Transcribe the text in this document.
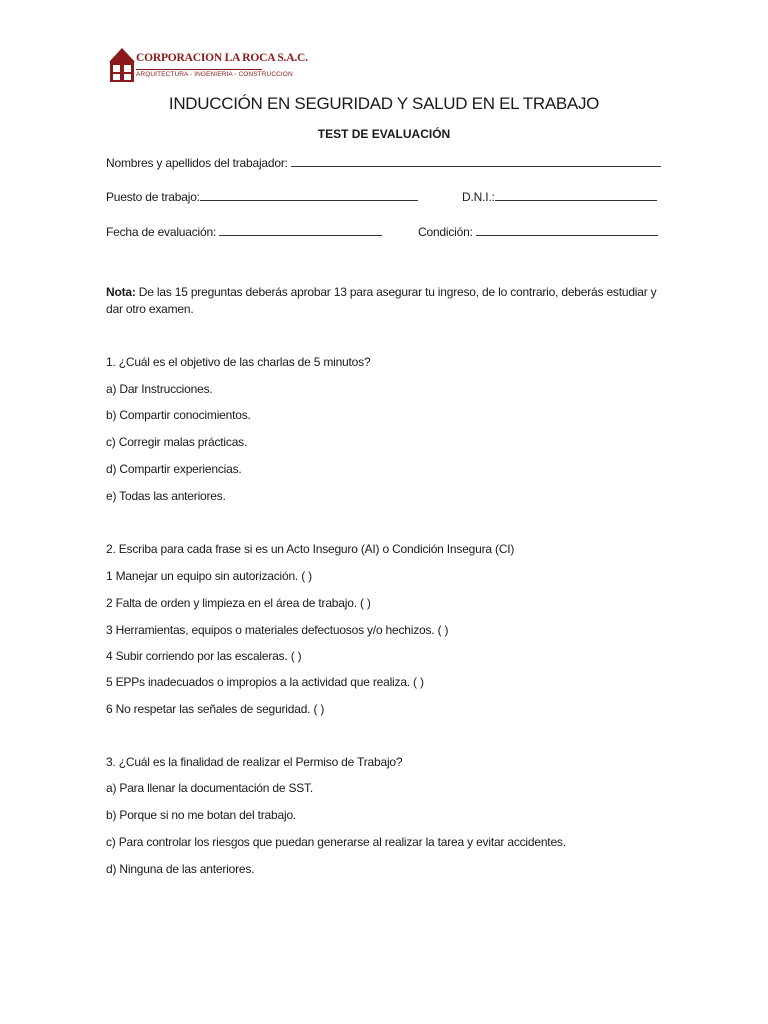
CORPORACION LA ROCA S.A.C.
ARQUITECTURA - INGENIERIA - CONSTRUCCION
INDUCCIÓN EN SEGURIDAD Y SALUD EN EL TRABAJO
TEST DE EVALUACIÓN
Nombres y apellidos del trabajador:
Puesto de trabajo:	D.N.I.:
Fecha de evaluación:	Condición:
Nota: De las 15 preguntas deberás aprobar 13 para asegurar tu ingreso, de lo contrario, deberás estudiar y dar otro examen.
1. ¿Cuál es el objetivo de las charlas de 5 minutos?
a) Dar Instrucciones.
b) Compartir conocimientos.
c) Corregir malas prácticas.
d) Compartir experiencias.
e) Todas las anteriores.
2. Escriba para cada frase si es un Acto Inseguro (AI) o Condición Insegura (CI)
1 Manejar un equipo sin autorización. ( )
2 Falta de orden y limpieza en el área de trabajo. ( )
3 Herramientas, equipos o materiales defectuosos y/o hechizos. ( )
4 Subir corriendo por las escaleras. ( )
5 EPPs inadecuados o impropios a la actividad que realiza. ( )
6 No respetar las señales de seguridad. ( )
3. ¿Cuál es la finalidad de realizar el Permiso de Trabajo?
a) Para llenar la documentación de SST.
b) Porque si no me botan del trabajo.
c) Para controlar los riesgos que puedan generarse al realizar la tarea y evitar accidentes.
d) Ninguna de las anteriores.
